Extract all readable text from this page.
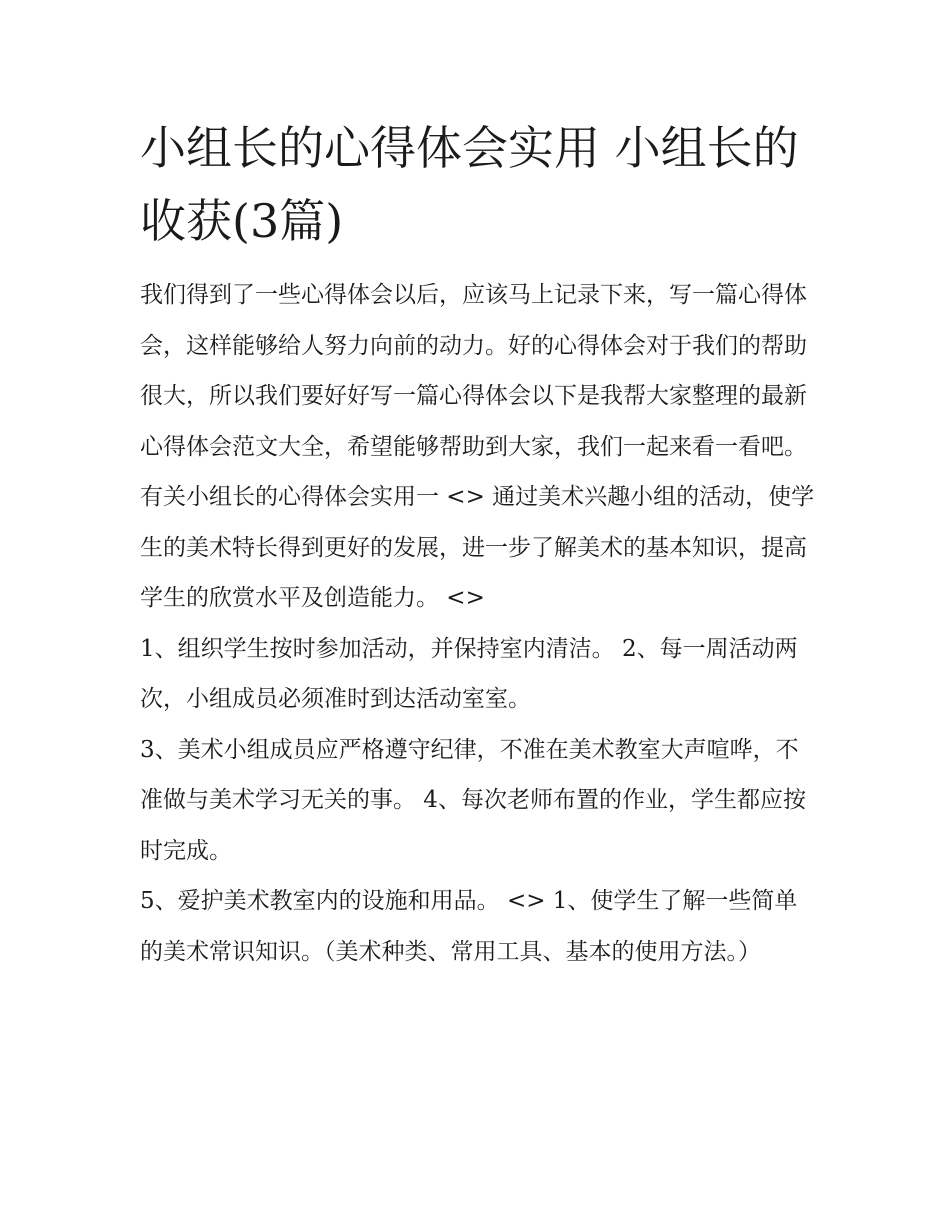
小组长的心得体会实用 小组长的收获(3篇)

我们得到了一些心得体会以后，应该马上记录下来，写一篇心得体会，这样能够给人努力向前的动力。好的心得体会对于我们的帮助很大，所以我们要好好写一篇心得体会以下是我帮大家整理的最新心得体会范文大全，希望能够帮助到大家，我们一起来看一看吧。

有关小组长的心得体会实用一 <> 通过美术兴趣小组的活动，使学生的美术特长得到更好的发展，进一步了解美术的基本知识，提高学生的欣赏水平及创造能力。 <>

1、组织学生按时参加活动，并保持室内清洁。 2、每一周活动两次，小组成员必须准时到达活动室室。

3、美术小组成员应严格遵守纪律，不准在美术教室大声喧哗，不准做与美术学习无关的事。 4、每次老师布置的作业，学生都应按时完成。

5、爱护美术教室内的设施和用品。 <> 1、使学生了解一些简单的美术常识知识。（美术种类、常用工具、基本的使用方法。）
